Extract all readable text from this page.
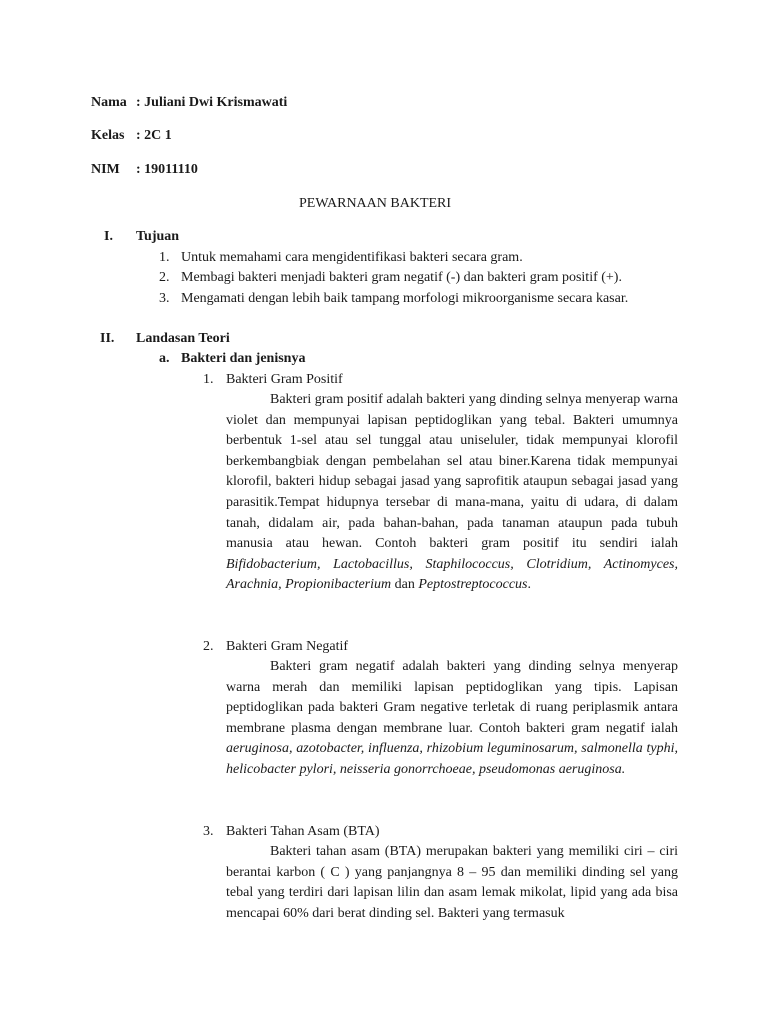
Nama : Juliani Dwi Krismawati
Kelas : 2C 1
NIM : 19011110
PEWARNAAN BAKTERI
I. Tujuan
1. Untuk memahami cara mengidentifikasi bakteri secara gram.
2. Membagi bakteri menjadi bakteri gram negatif (-) dan bakteri gram positif (+).
3. Mengamati dengan lebih baik tampang morfologi mikroorganisme secara kasar.
II. Landasan Teori
a. Bakteri dan jenisnya
1. Bakteri Gram Positif
Bakteri gram positif adalah bakteri yang dinding selnya menyerap warna violet dan mempunyai lapisan peptidoglikan yang tebal. Bakteri umumnya berbentuk 1-sel atau sel tunggal atau uniseluler, tidak mempunyai klorofil berkembangbiak dengan pembelahan sel atau biner.Karena tidak mempunyai klorofil, bakteri hidup sebagai jasad yang saprofitik ataupun sebagai jasad yang parasitik.Tempat hidupnya tersebar di mana-mana, yaitu di udara, di dalam tanah, didalam air, pada bahan-bahan, pada tanaman ataupun pada tubuh manusia atau hewan. Contoh bakteri gram positif itu sendiri ialah Bifidobacterium, Lactobacillus, Staphilococcus, Clotridium, Actinomyces, Arachnia, Propionibacterium dan Peptostreptococcus.
2. Bakteri Gram Negatif
Bakteri gram negatif adalah bakteri yang dinding selnya menyerap warna merah dan memiliki lapisan peptidoglikan yang tipis. Lapisan peptidoglikan pada bakteri Gram negative terletak di ruang periplasmik antara membrane plasma dengan membrane luar. Contoh bakteri gram negatif ialah aeruginosa, azotobacter, influenza, rhizobium leguminosarum, salmonella typhi, helicobacter pylori, neisseria gonorrchoeae, pseudomonas aeruginosa.
3. Bakteri Tahan Asam (BTA)
Bakteri tahan asam (BTA) merupakan bakteri yang memiliki ciri – ciri berantai karbon ( C ) yang panjangnya 8 – 95 dan memiliki dinding sel yang tebal yang terdiri dari lapisan lilin dan asam lemak mikolat, lipid yang ada bisa mencapai 60% dari berat dinding sel. Bakteri yang termasuk
